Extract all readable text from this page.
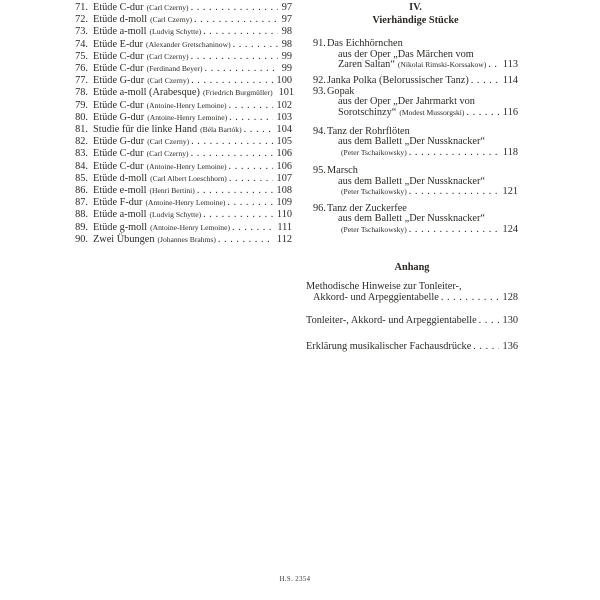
71. Etüde C-dur (Carl Czerny) . . .	97
72. Etüde d-moll (Carl Czerny) . . .	97
73. Etüde a-moll (Ludvig Schytte) . . .	98
74. Etüde E-dur (Alexander Gretschaninow) . . .	98
75. Etüde C-dur (Carl Czerny) . . .	99
76. Etüde C-dur (Ferdinand Beyer) . . .	99
77. Etüde G-dur (Carl Czerny) . . .	100
78. Etüde a-moll (Arabesque) (Friedrich Burgmüller) . . . 101
79. Etüde C-dur (Antoine-Henry Lemoine) . . .	102
80. Etüde G-dur (Antoine-Henry Lemoine) . . .	103
81. Studie für die linke Hand (Béla Bartók) . . .	104
82. Etüde G-dur (Carl Czerny) . . .	105
83. Etüde C-dur (Carl Czerny) . . .	106
84. Etüde C-dur (Antoine-Henry Lemoine) . . .	106
85. Etüde d-moll (Carl Albert Loeschhorn) . . .	107
86. Etüde e-moll (Henri Bertini) . . .	108
87. Etüde F-dur (Antoine-Henry Lemoine) . . .	109
88. Etüde a-moll (Ludvig Schytte) . . .	110
89. Etüde g-moll (Antoine-Henry Lemoine) . . .	111
90. Zwei Übungen (Johannes Brahms) . . .	112
IV.
Vierhändige Stücke
91. Das Eichhörnchen
aus der Oper „Das Märchen vom
Zaren Saltan“ (Nikolai Rimski-Korssakow) . . .	113
92. Janka Polka (Belorussischer Tanz) . . .	114
93. Gopak
aus der Oper „Der Jahrmarkt von
Sorotschinzy“ (Modest Mussorgski) . . .	116
94. Tanz der Rohrflöten
aus dem Ballett „Der Nussknacker“
(Peter Tschaikowsky) . . .	118
95. Marsch
aus dem Ballett „Der Nussknacker“
(Peter Tschaikowsky) . . .	121
96. Tanz der Zuckerfee
aus dem Ballett „Der Nussknacker“
(Peter Tschaikowsky) . . .	124
Anhang
Methodische Hinweise zur Tonleiter-,
Akkord- und Arpeggientabelle . . .	128
Tonleiter-, Akkord- und Arpeggientabelle . . .	130
Erklärung musikalischer Fachausdrücke . . .	136
H.S. 2354
